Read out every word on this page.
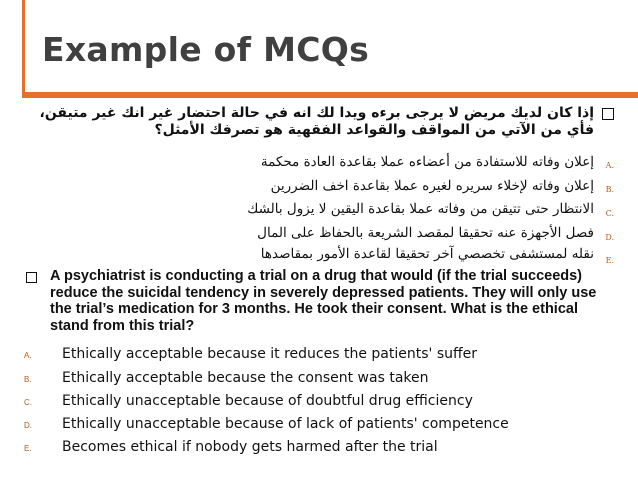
Example of MCQs
إذا كان لديك مريض لا يرجى برءه ويدا لك انه في حالة احتضار غير انك غير متيقن، فأي من الآتي من المواقف والقواعد الفقهية هو تصرفك الأمثل؟
A.
إعلان وفاته للاستفادة من أعضاءه عملا بقاعدة العادة محكمة
B.
إعلان وفاته لإخلاء سريره لغيره عملا بقاعدة اخف الضررين
C.
الانتظار حتى تتيقن من وفاته عملا بقاعدة اليقين لا يزول بالشك
D.
فصل الأجهزة عنه تحقيقا لمقصد الشريعة بالحفاظ على المال
E.
نقله لمستشفى تخصصي آخر تحقيقا لقاعدة الأمور بمقاصدها
A psychiatrist is conducting a trial on a drug that would (if the trial succeeds) reduce the suicidal tendency in severely depressed patients. They will only use the trial’s medication for 3 months. He took their consent. What is the ethical stand from this trial?
A. Ethically acceptable because it reduces the patients' suffer
B. Ethically acceptable because the consent was taken
C. Ethically unacceptable because of doubtful drug efficiency
D. Ethically unacceptable because of lack of patients' competence
E. Becomes ethical if nobody gets harmed after the trial
